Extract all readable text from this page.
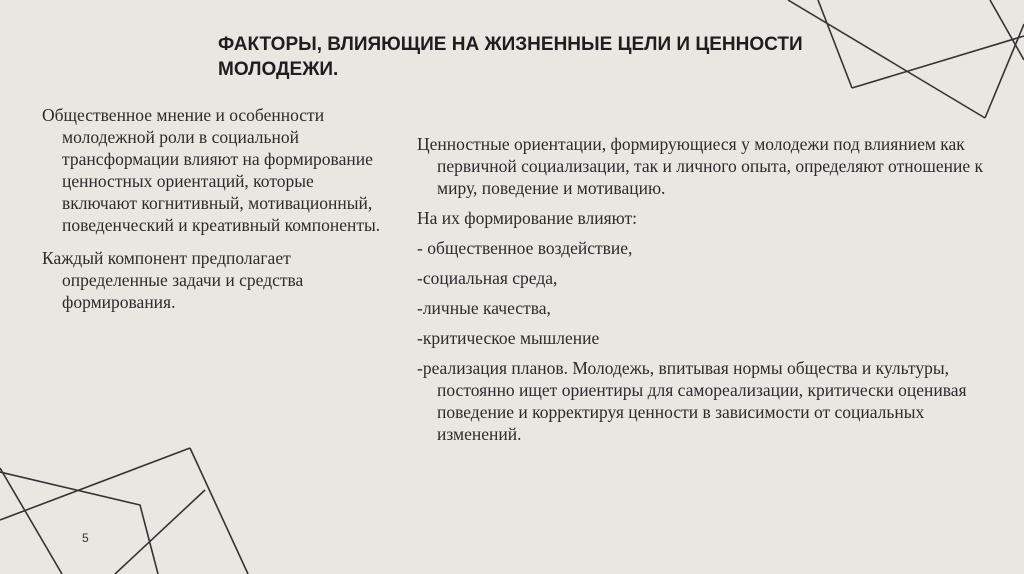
ФАКТОРЫ, ВЛИЯЮЩИЕ НА ЖИЗНЕННЫЕ ЦЕЛИ И ЦЕННОСТИ МОЛОДЕЖИ.

Общественное мнение и особенности молодежной роли в социальной трансформации влияют на формирование ценностных ориентаций, которые включают когнитивный, мотивационный, поведенческий и креативный компоненты.

Каждый компонент предполагает определенные задачи и средства формирования.

Ценностные ориентации, формирующиеся у молодежи под влиянием как первичной социализации, так и личного опыта, определяют отношение к миру, поведение и мотивацию.

На их формирование влияют:

- общественное воздействие,

-социальная среда,

-личные качества,

-критическое мышление

-реализация планов. Молодежь, впитывая нормы общества и культуры, постоянно ищет ориентиры для самореализации, критически оценивая поведение и корректируя ценности в зависимости от социальных изменений.

5
